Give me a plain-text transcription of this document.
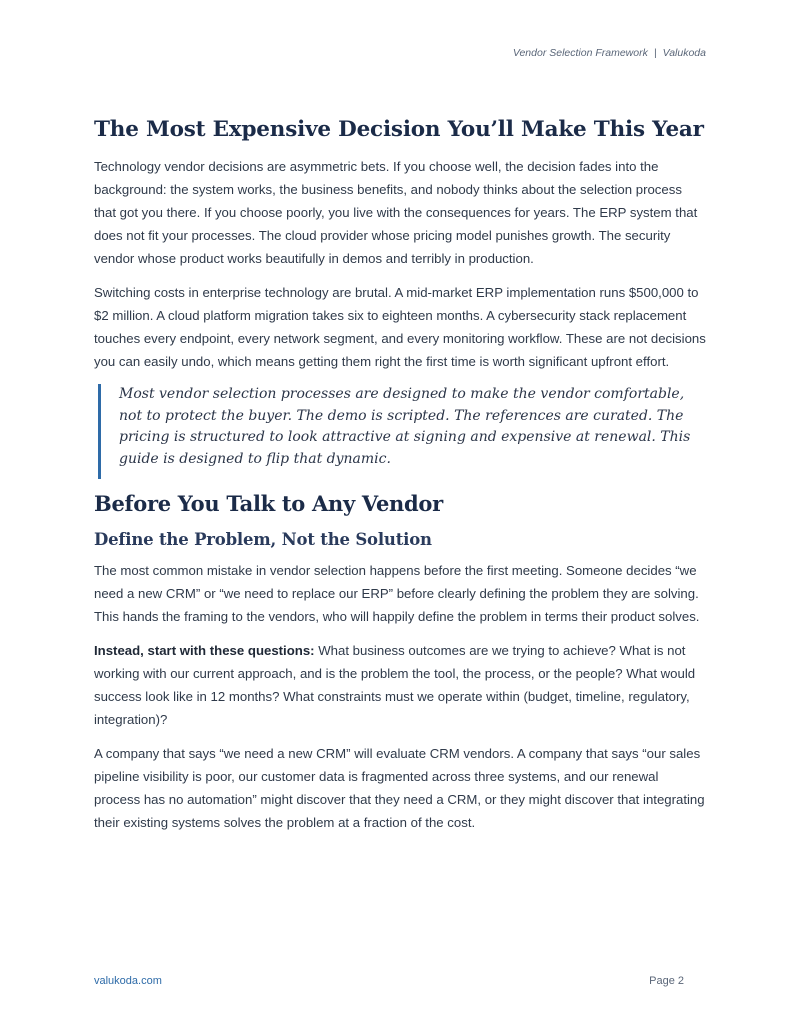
Vendor Selection Framework | Valukoda
The Most Expensive Decision You’ll Make This Year

Technology vendor decisions are asymmetric bets. If you choose well, the decision fades into the background: the system works, the business benefits, and nobody thinks about the selection process that got you there. If you choose poorly, you live with the consequences for years. The ERP system that does not fit your processes. The cloud provider whose pricing model punishes growth. The security vendor whose product works beautifully in demos and terribly in production.

Switching costs in enterprise technology are brutal. A mid-market ERP implementation runs $500,000 to $2 million. A cloud platform migration takes six to eighteen months. A cybersecurity stack replacement touches every endpoint, every network segment, and every monitoring workflow. These are not decisions you can easily undo, which means getting them right the first time is worth significant upfront effort.

Most vendor selection processes are designed to make the vendor comfortable, not to protect the buyer. The demo is scripted. The references are curated. The pricing is structured to look attractive at signing and expensive at renewal. This guide is designed to flip that dynamic.
Before You Talk to Any Vendor
Define the Problem, Not the Solution

The most common mistake in vendor selection happens before the first meeting. Someone decides “we need a new CRM” or “we need to replace our ERP” before clearly defining the problem they are solving. This hands the framing to the vendors, who will happily define the problem in terms their product solves.

Instead, start with these questions: What business outcomes are we trying to achieve? What is not working with our current approach, and is the problem the tool, the process, or the people? What would success look like in 12 months? What constraints must we operate within (budget, timeline, regulatory, integration)?

A company that says “we need a new CRM” will evaluate CRM vendors. A company that says “our sales pipeline visibility is poor, our customer data is fragmented across three systems, and our renewal process has no automation” might discover that they need a CRM, or they might discover that integrating their existing systems solves the problem at a fraction of the cost.

valukoda.com	Page 2
